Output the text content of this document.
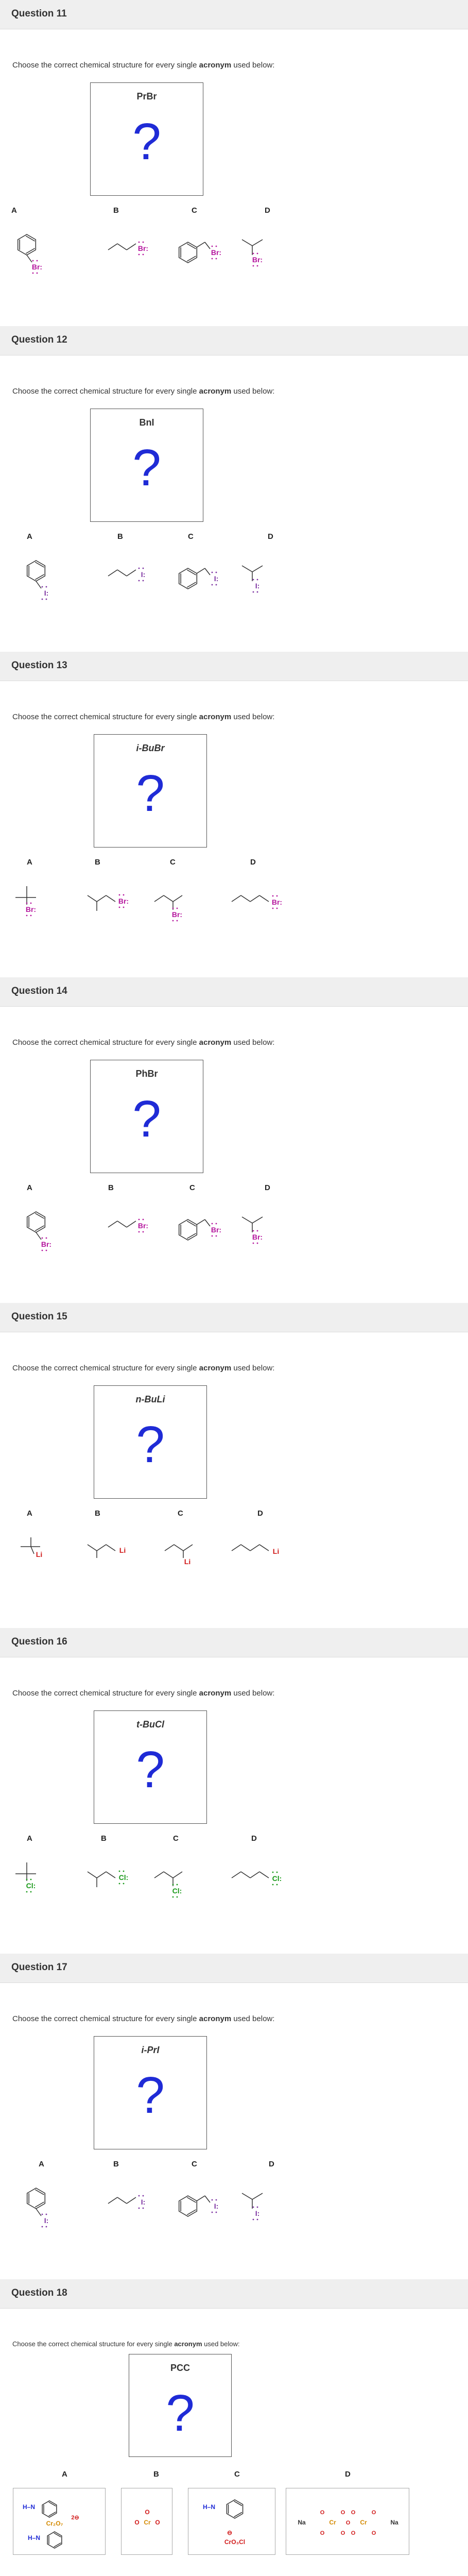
Question 11
Choose the correct chemical structure for every single acronym used below:
PrBr
?
A	B	C	D
Br:
Br:	Br:
Br:
Question 12
Choose the correct chemical structure for every single acronym used below:
BnI
?
A	B	C	D
I:
I:	I:
I:
Question 13
Choose the correct chemical structure for every single acronym used below:
i-BuBr
?
A	B	C	D
Br:
Br:
Br:
Br:
Question 14
Choose the correct chemical structure for every single acronym used below:
PhBr
?
A	B	C	D
Br:
Br:	Br:
Br:
Question 15
Choose the correct chemical structure for every single acronym used below:
n-BuLi
?
A	B	C	D
Li	Li
Li
Li
Question 16
Choose the correct chemical structure for every single acronym used below:
t-BuCl
?
A	B	C	D
Cl:
Cl:
Cl:
Cl:
Question 17
Choose the correct chemical structure for every single acronym used below:
i-PrI
?
A	B	C	D
I:
I:	I:
I:
Question 18
Choose the correct chemical structure for every single acronym used below:
PCC
?
A	B	C	D
H–N
Cr₂O₇
2⊖
H–N
O
Cr
O	O
H–N
⊖
CrO₃Cl
Na	Na
Cr	Cr
O	O
O	O
O
O	O
O	O
